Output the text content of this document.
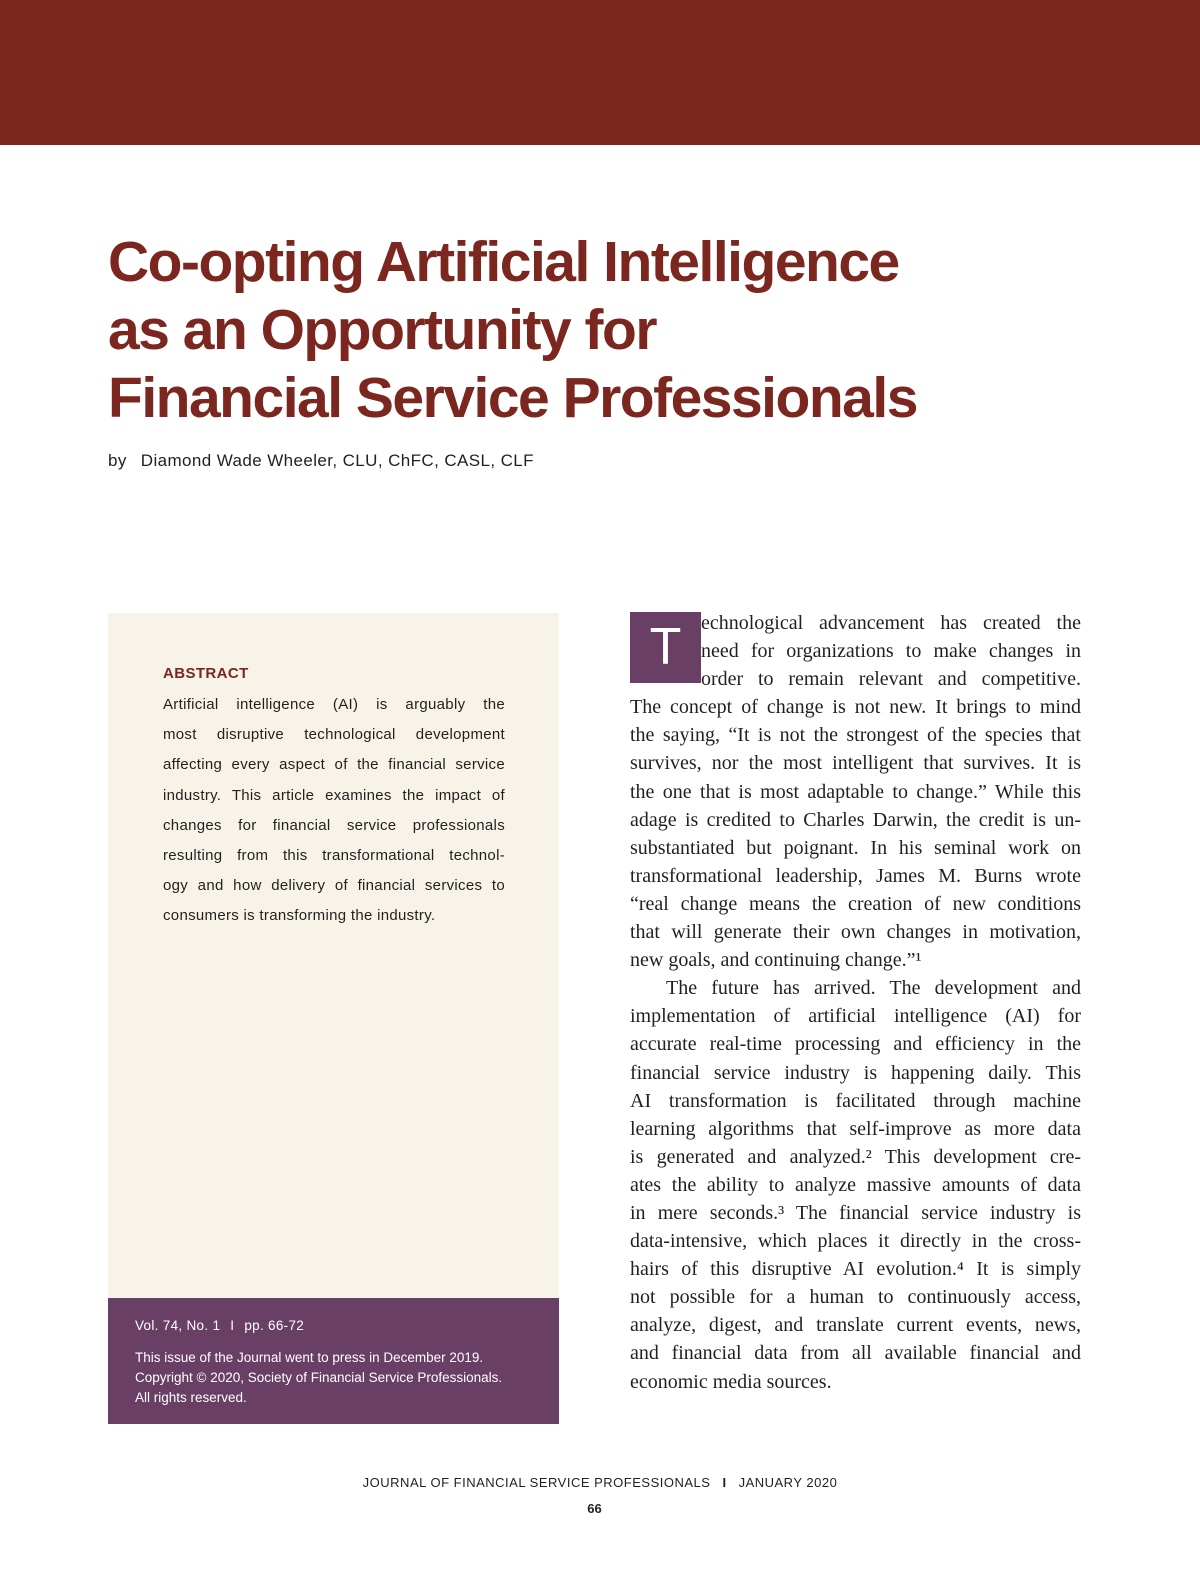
Co-opting Artificial Intelligence
as an Opportunity for
Financial Service Professionals
by Diamond Wade Wheeler, CLU, ChFC, CASL, CLF
ABSTRACT
Artificial intelligence (AI) is arguably the
most disruptive technological development
affecting every aspect of the financial service
industry. This article examines the impact of
changes for financial service professionals
resulting from this transformational technol-
ogy and how delivery of financial services to
consumers is transforming the industry.
Vol. 74, No. 1 I pp. 66-72
This issue of the Journal went to press in December 2019.
Copyright © 2020, Society of Financial Service Professionals.
All rights reserved.
T echnological advancement has created the
need for organizations to make changes in
order to remain relevant and competitive.
The concept of change is not new. It brings to mind
the saying, “It is not the strongest of the species that
survives, nor the most intelligent that survives. It is
the one that is most adaptable to change.” While this
adage is credited to Charles Darwin, the credit is un-
substantiated but poignant. In his seminal work on
transformational leadership, James M. Burns wrote
“real change means the creation of new conditions
that will generate their own changes in motivation,
new goals, and continuing change.”¹
The future has arrived. The development and
implementation of artificial intelligence (AI) for
accurate real-time processing and efficiency in the
financial service industry is happening daily. This
AI transformation is facilitated through machine
learning algorithms that self-improve as more data
is generated and analyzed.² This development cre-
ates the ability to analyze massive amounts of data
in mere seconds.³ The financial service industry is
data-intensive, which places it directly in the cross-
hairs of this disruptive AI evolution.⁴ It is simply
not possible for a human to continuously access,
analyze, digest, and translate current events, news,
and financial data from all available financial and
economic media sources.
JOURNAL OF FINANCIAL SERVICE PROFESSIONALS I JANUARY 2020
66
